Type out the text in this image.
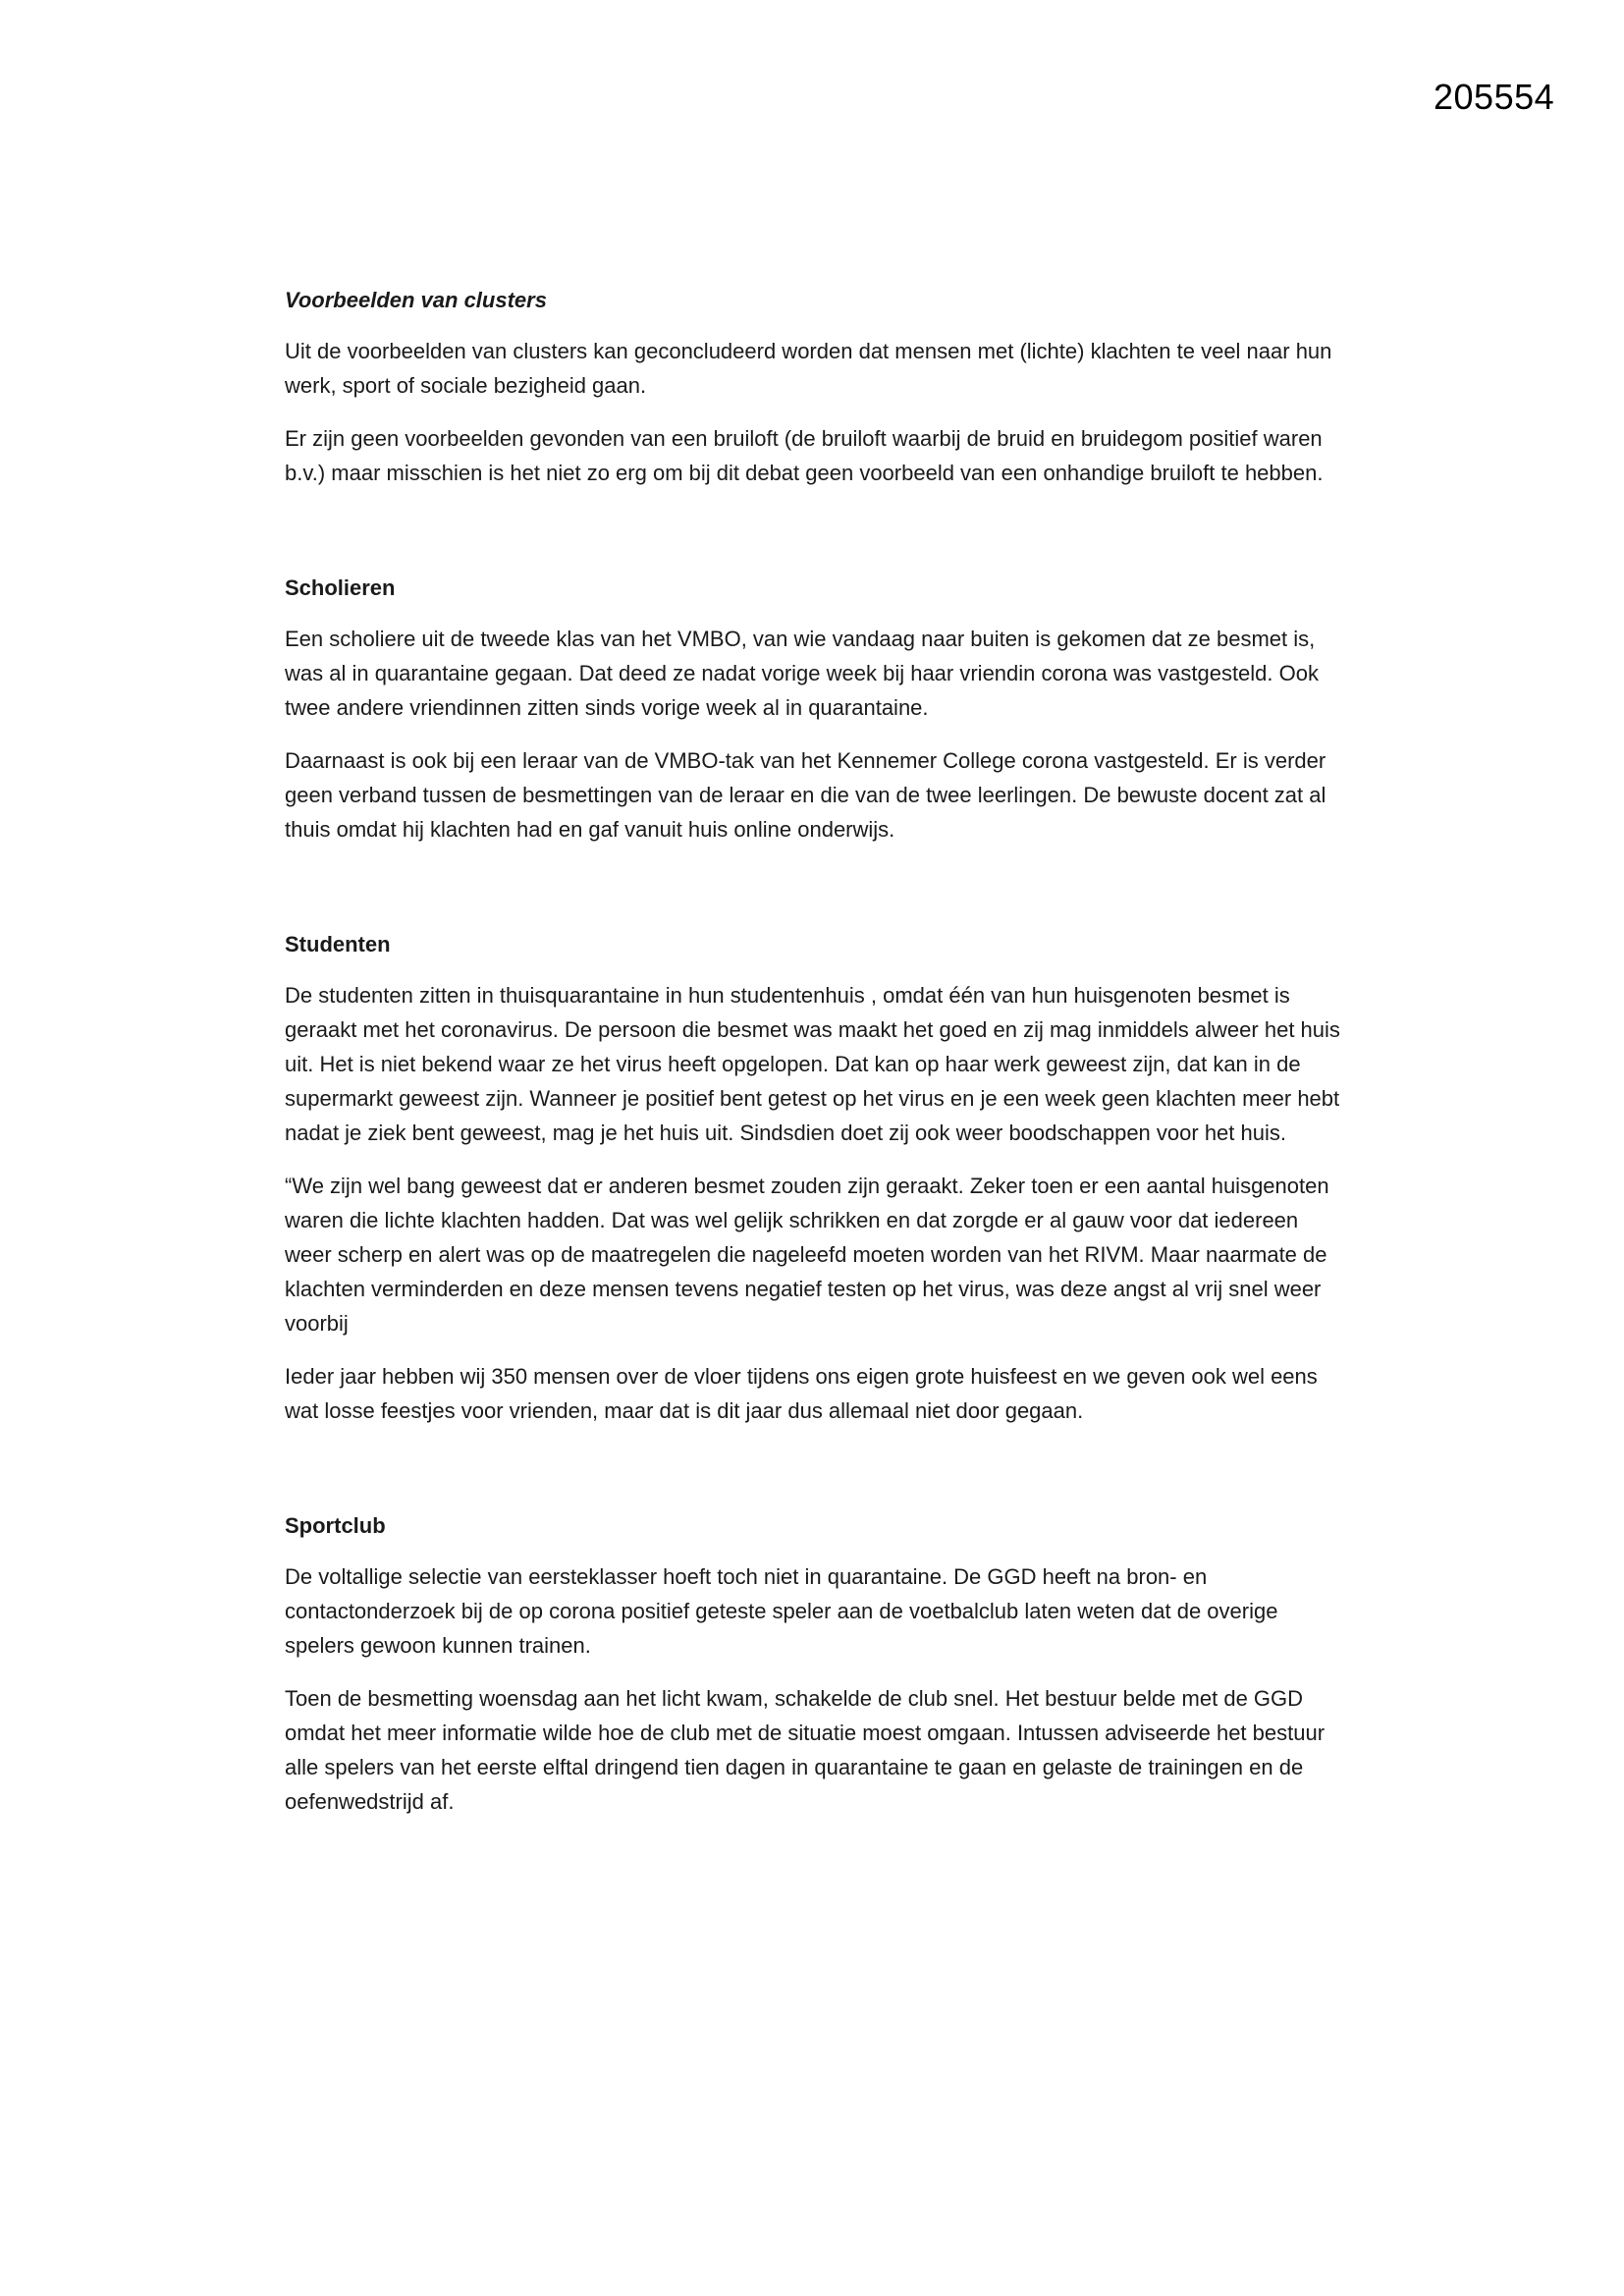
205554
Voorbeelden van clusters

Uit de voorbeelden van clusters kan geconcludeerd worden dat mensen met (lichte) klachten te veel naar hun werk, sport of sociale bezigheid gaan.

Er zijn geen voorbeelden gevonden van een bruiloft (de bruiloft waarbij de bruid en bruidegom positief waren b.v.) maar misschien is het niet zo erg om bij dit debat geen voorbeeld van een onhandige bruiloft te hebben.

Scholieren

Een scholiere uit de tweede klas van het VMBO, van wie vandaag naar buiten is gekomen dat ze besmet is, was al in quarantaine gegaan. Dat deed ze nadat vorige week bij haar vriendin corona was vastgesteld. Ook twee andere vriendinnen zitten sinds vorige week al in quarantaine.

Daarnaast is ook bij een leraar van de VMBO-tak van het Kennemer College corona vastgesteld. Er is verder geen verband tussen de besmettingen van de leraar en die van de twee leerlingen. De bewuste docent zat al thuis omdat hij klachten had en gaf vanuit huis online onderwijs.

Studenten

De studenten zitten in thuisquarantaine in hun studentenhuis , omdat één van hun huisgenoten besmet is geraakt met het coronavirus. De persoon die besmet was maakt het goed en zij mag inmiddels alweer het huis uit. Het is niet bekend waar ze het virus heeft opgelopen. Dat kan op haar werk geweest zijn, dat kan in de supermarkt geweest zijn. Wanneer je positief bent getest op het virus en je een week geen klachten meer hebt nadat je ziek bent geweest, mag je het huis uit. Sindsdien doet zij ook weer boodschappen voor het huis.

“We zijn wel bang geweest dat er anderen besmet zouden zijn geraakt. Zeker toen er een aantal huisgenoten waren die lichte klachten hadden. Dat was wel gelijk schrikken en dat zorgde er al gauw voor dat iedereen weer scherp en alert was op de maatregelen die nageleefd moeten worden van het RIVM. Maar naarmate de klachten verminderden en deze mensen tevens negatief testen op het virus, was deze angst al vrij snel weer voorbij

Ieder jaar hebben wij 350 mensen over de vloer tijdens ons eigen grote huisfeest en we geven ook wel eens wat losse feestjes voor vrienden, maar dat is dit jaar dus allemaal niet door gegaan.

Sportclub

De voltallige selectie van eersteklasser hoeft toch niet in quarantaine. De GGD heeft na bron- en contactonderzoek bij de op corona positief geteste speler aan de voetbalclub laten weten dat de overige spelers gewoon kunnen trainen.

Toen de besmetting woensdag aan het licht kwam, schakelde de club snel. Het bestuur belde met de GGD omdat het meer informatie wilde hoe de club met de situatie moest omgaan. Intussen adviseerde het bestuur alle spelers van het eerste elftal dringend tien dagen in quarantaine te gaan en gelaste de trainingen en de oefenwedstrijd af.
